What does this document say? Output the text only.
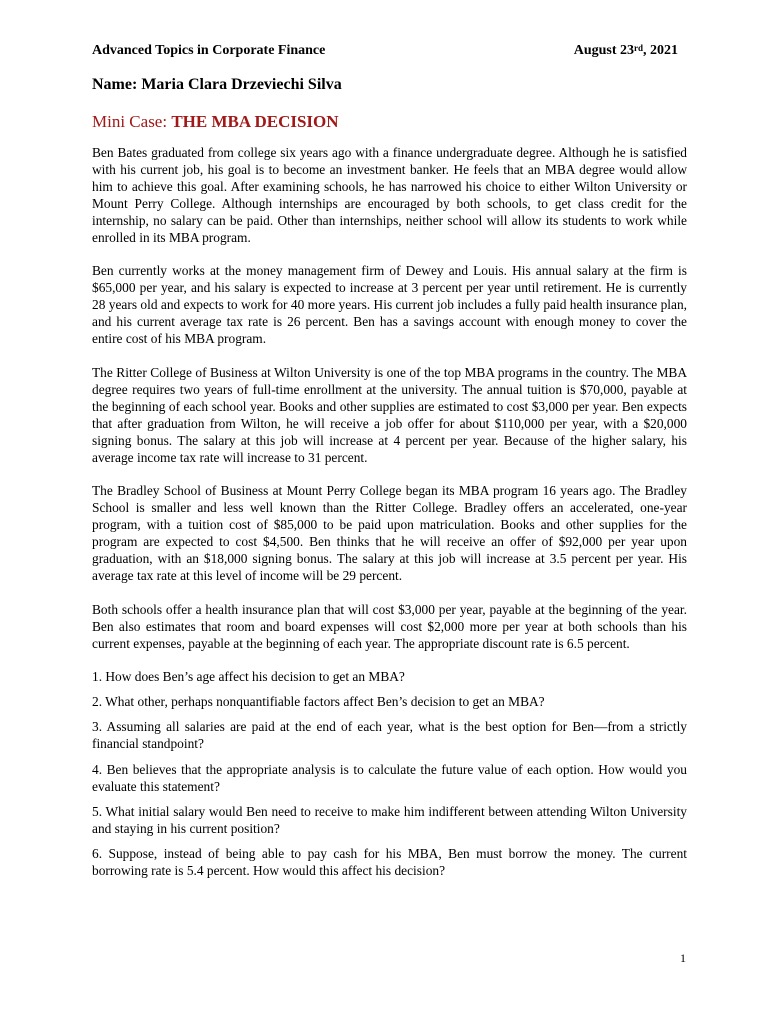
Advanced Topics in Corporate Finance	August 23rd, 2021
Name: Maria Clara Drzeviechi Silva
Mini Case: THE MBA DECISION

Ben Bates graduated from college six years ago with a finance undergraduate degree. Although he is satisfied with his current job, his goal is to become an investment banker. He feels that an MBA degree would allow him to achieve this goal. After examining schools, he has narrowed his choice to either Wilton University or Mount Perry College. Although internships are encouraged by both schools, to get class credit for the internship, no salary can be paid. Other than internships, neither school will allow its students to work while enrolled in its MBA program.

Ben currently works at the money management firm of Dewey and Louis. His annual salary at the firm is $65,000 per year, and his salary is expected to increase at 3 percent per year until retirement. He is currently 28 years old and expects to work for 40 more years. His current job includes a fully paid health insurance plan, and his current average tax rate is 26 percent. Ben has a savings account with enough money to cover the entire cost of his MBA program.

The Ritter College of Business at Wilton University is one of the top MBA programs in the country. The MBA degree requires two years of full-time enrollment at the university. The annual tuition is $70,000, payable at the beginning of each school year. Books and other supplies are estimated to cost $3,000 per year. Ben expects that after graduation from Wilton, he will receive a job offer for about $110,000 per year, with a $20,000 signing bonus. The salary at this job will increase at 4 percent per year. Because of the higher salary, his average income tax rate will increase to 31 percent.

The Bradley School of Business at Mount Perry College began its MBA program 16 years ago. The Bradley School is smaller and less well known than the Ritter College. Bradley offers an accelerated, one-year program, with a tuition cost of $85,000 to be paid upon matriculation. Books and other supplies for the program are expected to cost $4,500. Ben thinks that he will receive an offer of $92,000 per year upon graduation, with an $18,000 signing bonus. The salary at this job will increase at 3.5 percent per year. His average tax rate at this level of income will be 29 percent.

Both schools offer a health insurance plan that will cost $3,000 per year, payable at the beginning of the year. Ben also estimates that room and board expenses will cost $2,000 more per year at both schools than his current expenses, payable at the beginning of each year. The appropriate discount rate is 6.5 percent.

1. How does Ben’s age affect his decision to get an MBA?

2. What other, perhaps nonquantifiable factors affect Ben’s decision to get an MBA?

3. Assuming all salaries are paid at the end of each year, what is the best option for Ben—from a strictly financial standpoint?

4. Ben believes that the appropriate analysis is to calculate the future value of each option. How would you evaluate this statement?

5. What initial salary would Ben need to receive to make him indifferent between attending Wilton University and staying in his current position?

6. Suppose, instead of being able to pay cash for his MBA, Ben must borrow the money. The current borrowing rate is 5.4 percent. How would this affect his decision?

1
